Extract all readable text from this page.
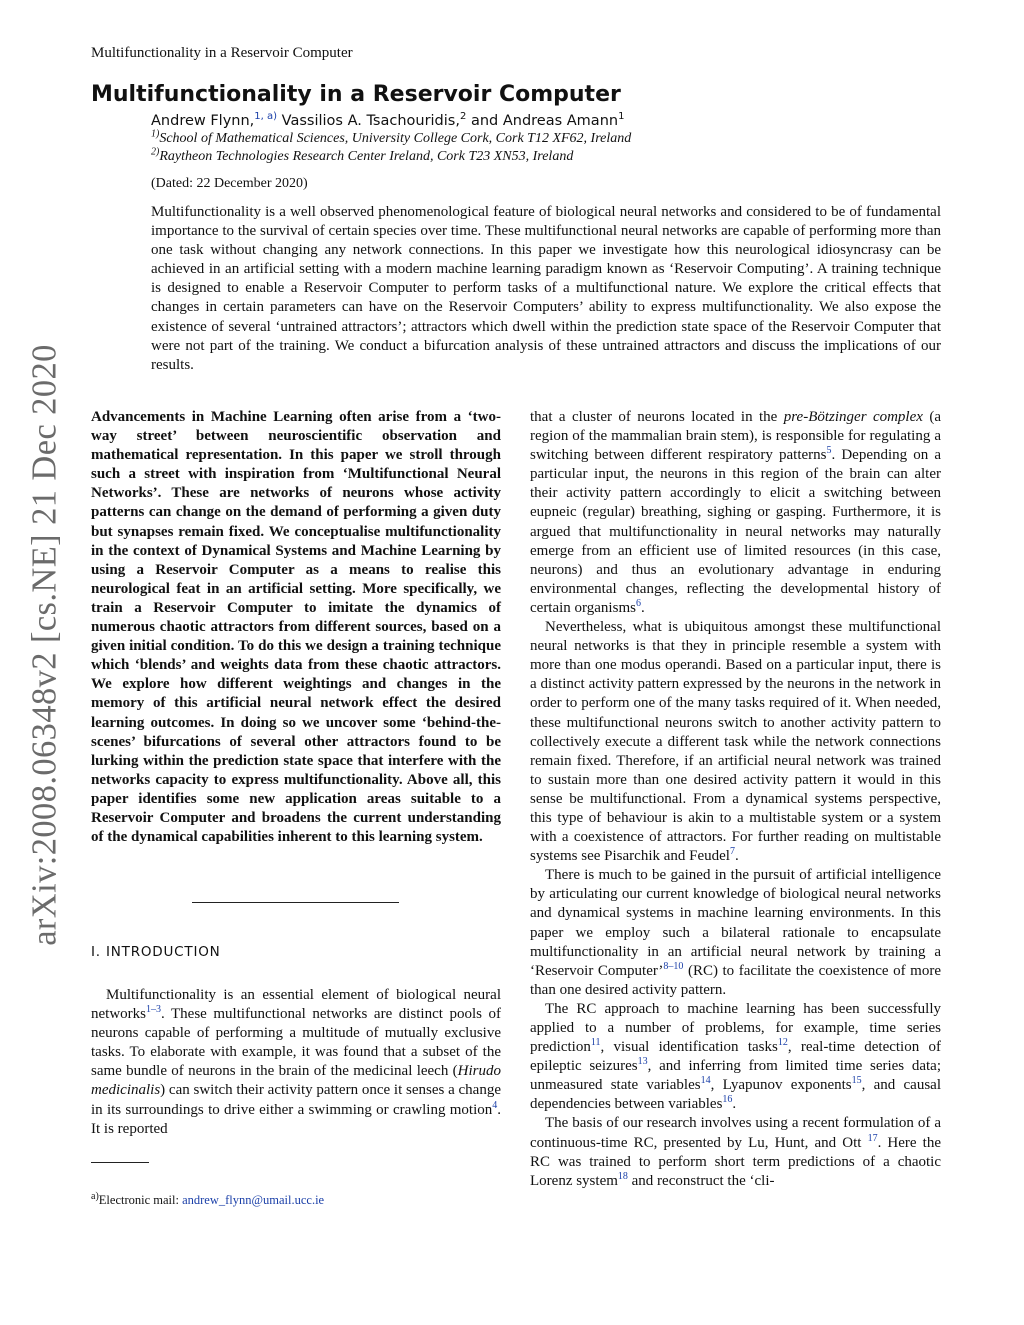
Multifunctionality in a Reservoir Computer
Multifunctionality in a Reservoir Computer
Andrew Flynn,$^{1, a)}$ Vassilios A. Tsachouridis,$^2$ and Andreas Amann$^1$
$^{1)}$School of Mathematical Sciences, University College Cork, Cork T12 XF62, Ireland
$^{2)}$Raytheon Technologies Research Center Ireland, Cork T23 XN53, Ireland
(Dated: 22 December 2020)
Multifunctionality is a well observed phenomenological feature of biological neural networks and considered to be of fundamental importance to the survival of certain species over time. These multifunctional neural networks are capable of performing more than one task without changing any network connections. In this paper we investigate how this neurological idiosyncrasy can be achieved in an artificial setting with a modern machine learning paradigm known as ‘Reservoir Computing’. A training technique is designed to enable a Reservoir Computer to perform tasks of a multifunctional nature. We explore the critical effects that changes in certain parameters can have on the Reservoir Computers’ ability to express multifunctionality. We also expose the existence of several ‘untrained attractors’; attractors which dwell within the prediction state space of the Reservoir Computer that were not part of the training. We conduct a bifurcation analysis of these untrained attractors and discuss the implications of our results.
arXiv:2008.06348v2 [cs.NE] 21 Dec 2020 Advancements in Machine Learning often arise from a ‘two-way street’ between neuroscientific observation and mathematical representation. In this paper we stroll through such a street with inspiration from ‘Multifunctional Neural Networks’. These are networks of neurons whose activity patterns can change on the demand of performing a given duty but synapses remain fixed. We conceptualise multifunctionality in the context of Dynamical Systems and Machine Learning by using a Reservoir Computer as a means to realise this neurological feat in an artificial setting. More specifically, we train a Reservoir Computer to imitate the dynamics of numerous chaotic attractors from different sources, based on a given initial condition. To do this we design a training technique which ‘blends’ and weights data from these chaotic attractors. We explore how different weightings and changes in the memory of this artificial neural network effect the desired learning outcomes. In doing so we uncover some ‘behind-the-scenes’ bifurcations of several other attractors found to be lurking within the prediction state space that interfere with the networks capacity to express multifunctionality. Above all, this paper identifies some new application areas suitable to a Reservoir Computer and broadens the current understanding of the dynamical capabilities inherent to this learning system.

I. INTRODUCTION

Multifunctionality is an essential element of biological neural networks$^{1-3}$. These multifunctional networks are distinct pools of neurons capable of performing a multitude of mutually exclusive tasks. To elaborate with example, it was found that a subset of the same bundle of neurons in the brain of the medicinal leech (Hirudo medicinalis) can switch their activity pattern once it senses a change in its surroundings to drive either a swimming or crawling motion$^4$. It is reported

that a cluster of neurons located in the pre-Bötzinger complex (a region of the mammalian brain stem), is responsible for regulating a switching between different respiratory patterns$^5$. Depending on a particular input, the neurons in this region of the brain can alter their activity pattern accordingly to elicit a switching between eupneic (regular) breathing, sighing or gasping. Furthermore, it is argued that multifunctionality in neural networks may naturally emerge from an efficient use of limited resources (in this case, neurons) and thus an evolutionary advantage in enduring environmental changes, reflecting the developmental history of certain organisms$^6$.

Nevertheless, what is ubiquitous amongst these multifunctional neural networks is that they in principle resemble a system with more than one modus operandi. Based on a particular input, there is a distinct activity pattern expressed by the neurons in the network in order to perform one of the many tasks required of it. When needed, these multifunctional neurons switch to another activity pattern to collectively execute a different task while the network connections remain fixed. Therefore, if an artificial neural network was trained to sustain more than one desired activity pattern it would in this sense be multifunctional. From a dynamical systems perspective, this type of behaviour is akin to a multistable system or a system with a coexistence of attractors. For further reading on multistable systems see Pisarchik and Feudel$^7$.

There is much to be gained in the pursuit of artificial intelligence by articulating our current knowledge of biological neural networks and dynamical systems in machine learning environments. In this paper we employ such a bilateral rationale to encapsulate multifunctionality in an artificial neural network by training a ‘Reservoir Computer’$^{8-10}$ (RC) to facilitate the coexistence of more than one desired activity pattern.

The RC approach to machine learning has been successfully applied to a number of problems, for example, time series prediction$^{11}$, visual identification tasks$^{12}$, real-time detection of epileptic seizures$^{13}$, and inferring from limited time series data; unmeasured state variables$^{14}$, Lyapunov exponents$^{15}$, and causal dependencies between variables$^{16}$.

The basis of our research involves using a recent formulation of a continuous-time RC, presented by Lu, Hunt, and Ott $^{17}$. Here the RC was trained to perform short term predictions of a chaotic Lorenz system$^{18}$ and reconstruct the ‘cli-

$^{a)}$Electronic mail: andrew_flynn@umail.ucc.ie
